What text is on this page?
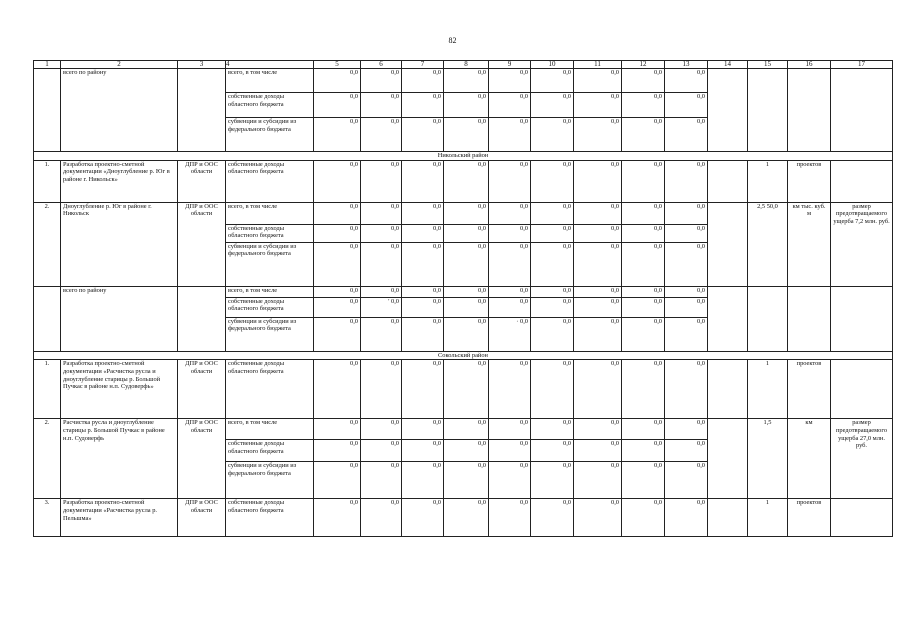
82
1	2	3	4	5	6	7	8	9	10	11	12	13	14	15	16	17
	всего по району		всего, в том числе	0,0	0,0	0,0	0,0	0,0	0,0	0,0	0,0	0,0				
			собственные доходы областного бюджета	0,0	0,0	0,0	0,0	0,0	0,0	0,0	0,0	0,0				
			субвенции и субсидии из федерального бюджета	0,0	0,0	0,0	0,0	0,0	0,0	0,0	0,0	0,0				
Никольский район																
1.	Разработка проектно-сметной документации «Дноуглубление р. Юг в районе г. Никольск»	ДПР и ООС области	собственные доходы областного бюджета	0,0	0,0	0,0	0,0	0,0	0,0	0,0	0,0	0,0		1	проектов	
2.	Дноуглубление р. Юг в районе г. Никольск	ДПР и ООС области	всего, в том числе	0,0	0,0	0,0	0,0	0,0	0,0	0,0	0,0	0,0		2,5 50,0	км тыс. куб. м	размер предотвращаемого ущерба 7,2 млн. руб.
			собственные доходы областного бюджета	0,0	0,0	0,0	0,0	0,0	0,0	0,0	0,0	0,0				
			субвенции и субсидии из федерального бюджета	0,0	0,0	0,0	0,0	0,0	0,0	0,0	0,0	0,0				
	всего по району		всего, в том числе	0,0	0,0	0,0	0,0	0,0	0,0	0,0	0,0	0,0				
			собственные доходы областного бюджета	0,0	' 0,0	0,0	0,0	0,0	0,0	0,0	0,0	0,0				
			субвенции и субсидии из федерального бюджета	0,0	0,0	0,0	0,0	· 0,0	0,0	0,0	0,0	0,0				
Сокольский район																
1.	Разработка проектно-сметной документации «Расчистка русла и дноуглубление старицы р. Большой Пучкас в районе н.п. Судоверфь»	ДПР и ООС области	собственные доходы областного бюджета	0,0	0,0	0,0	0,0	0,0	0,0	0,0	0,0	0,0		1	проектов	
2.	Расчистка русла и дноуглубление старицы р. Большой Пучкас в районе н.п. Судоверфь	ДПР и ООС области	всего, в том числе	0,0	0,0	0,0	0,0	0,0	0,0	0,0	0,0	0,0		1,5	км	размер предотвращаемого ущерба 27,0 млн. руб.
			собственные доходы областного бюджета	0,0	0,0	0,0	0,0	0,0	0,0	0,0	0,0	0,0				
			субвенции и субсидии из федерального бюджета	0,0	0,0	0,0	0,0	0,0	0,0	0,0	0,0	0,0				
3.	Разработка проектно-сметной документации «Расчистка русла р. Пельшма»	ДПР и ООС области	собственные доходы областного бюджета	0,0	0,0	0,0	0,0	0,0	0,0	0,0	0,0	0,0		1	проектов	
